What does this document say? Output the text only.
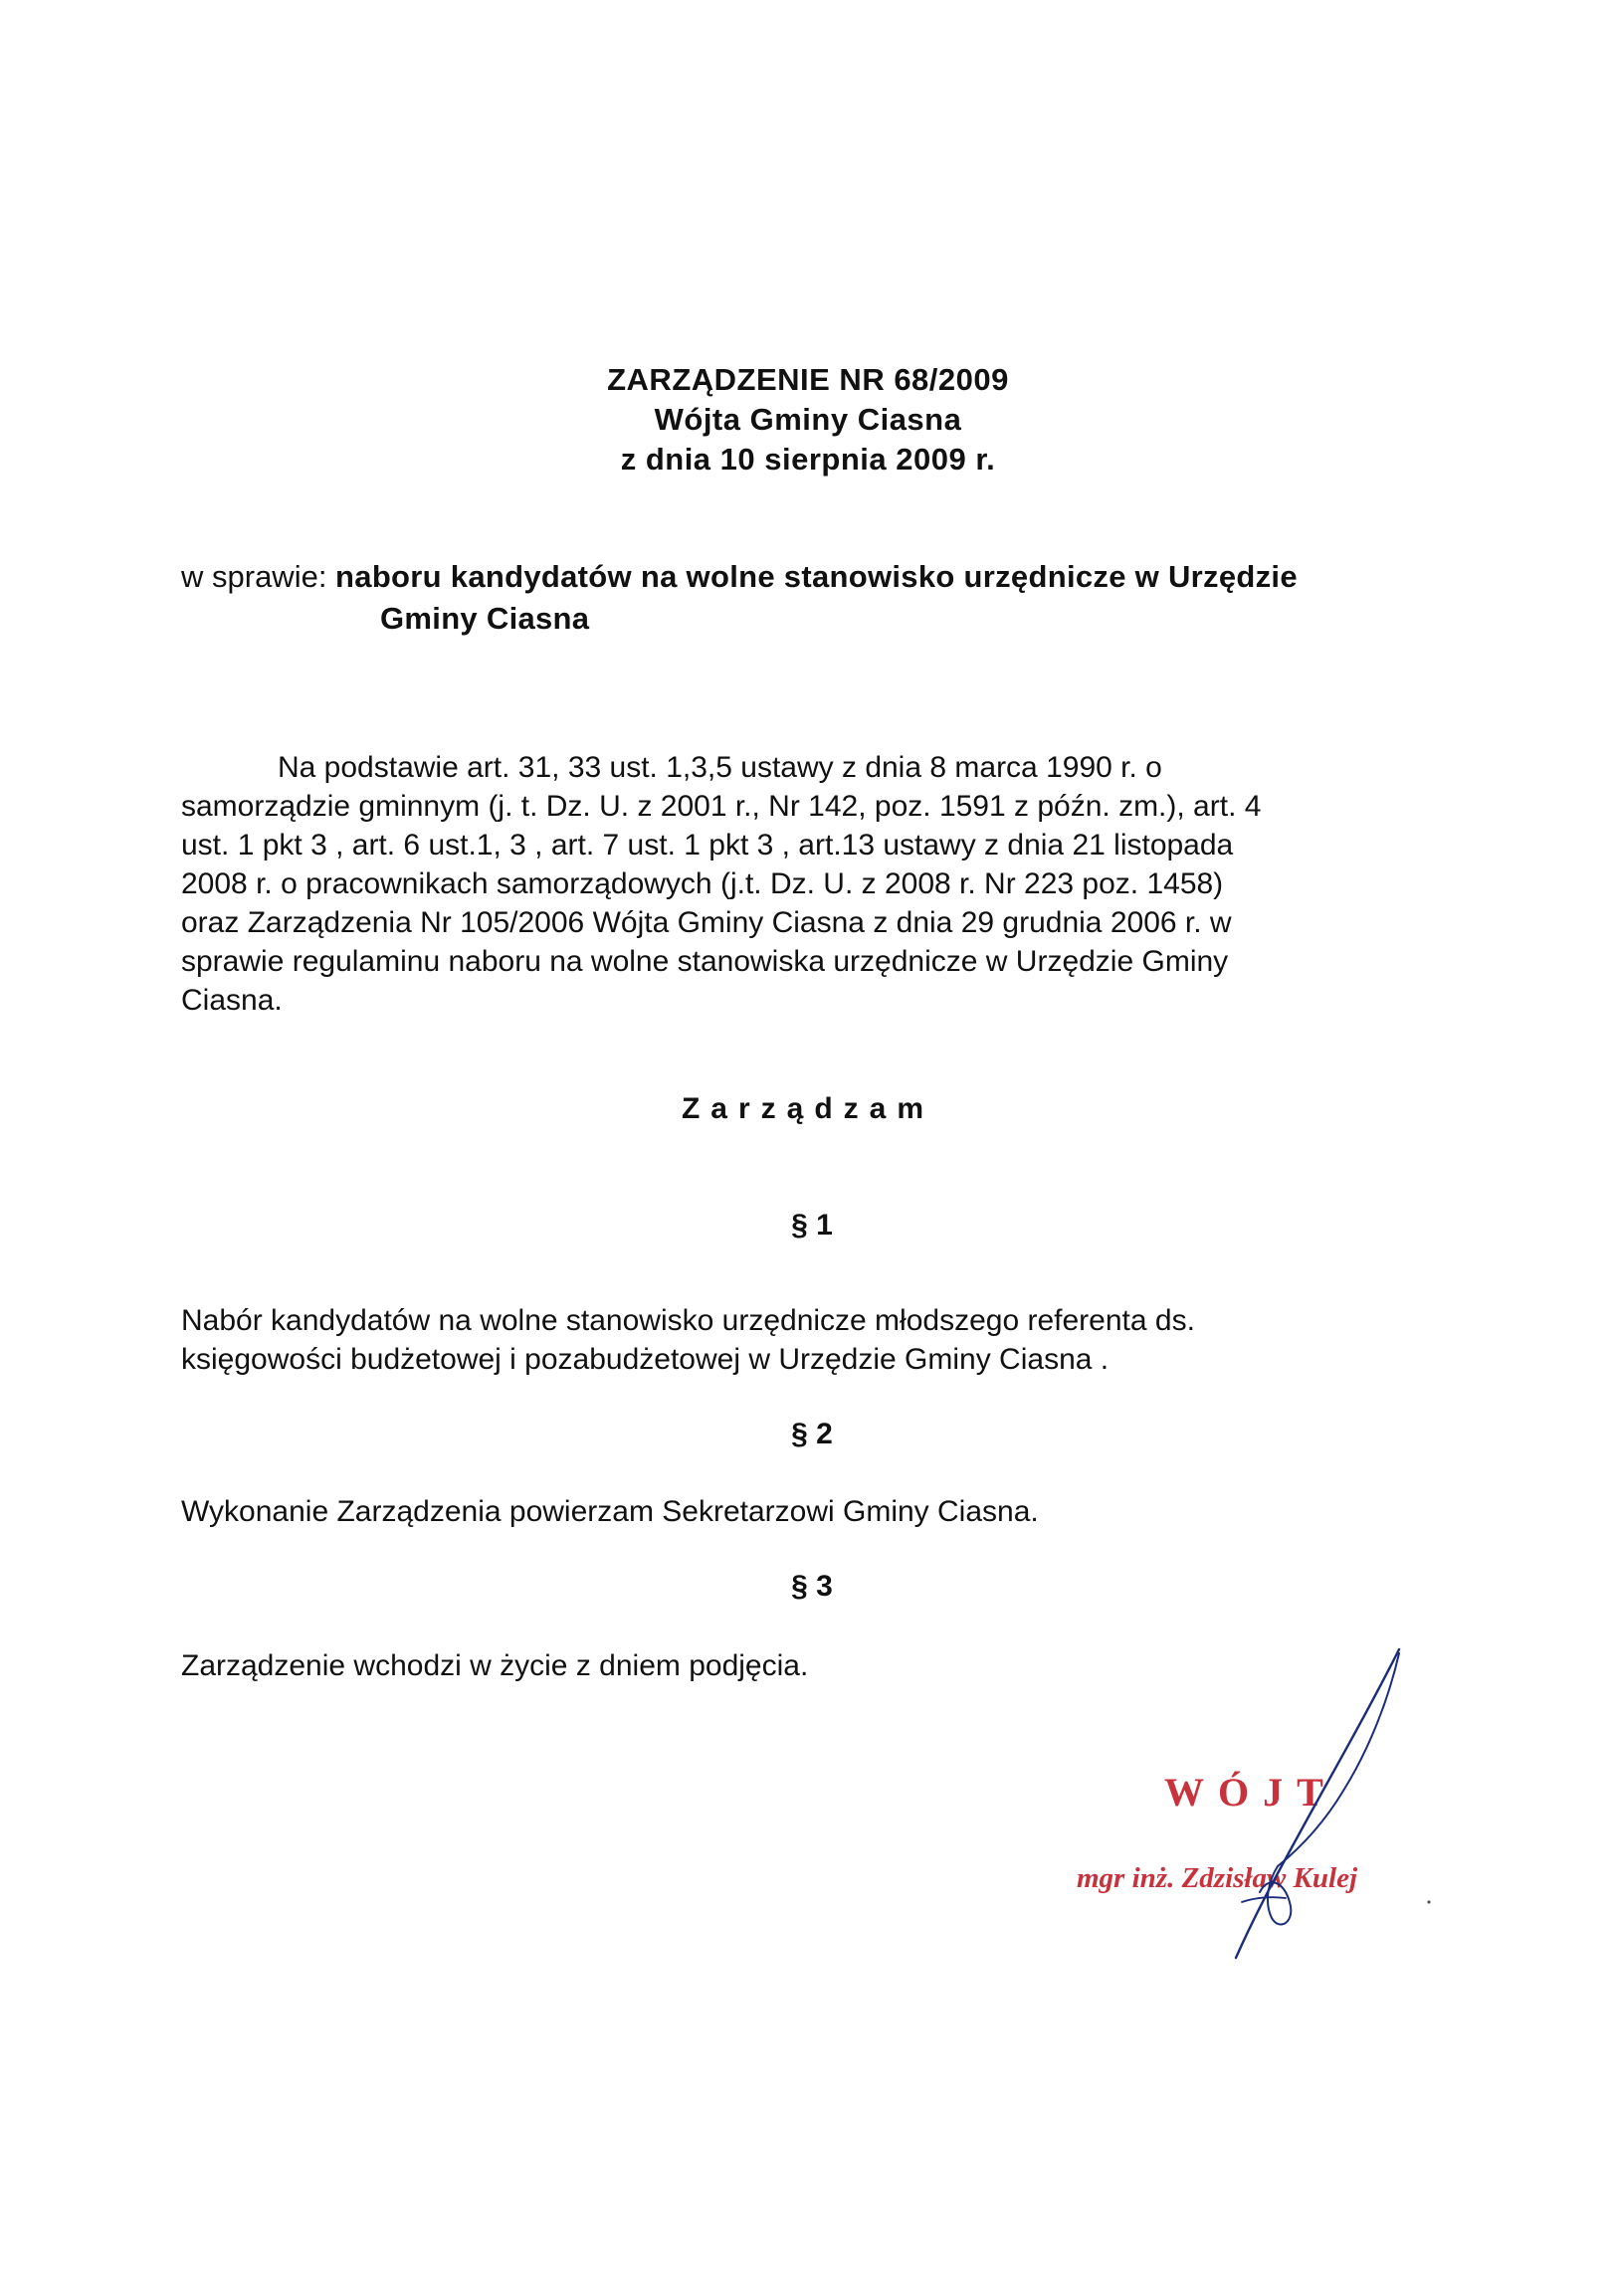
ZARZĄDZENIE NR 68/2009
Wójta Gminy Ciasna
z dnia 10 sierpnia 2009 r.
w sprawie: naboru kandydatów na wolne stanowisko urzędnicze w Urzędzie
Gminy Ciasna
Na podstawie art. 31, 33 ust. 1,3,5 ustawy z dnia 8 marca 1990 r. o
samorządzie gminnym (j. t. Dz. U. z 2001 r., Nr 142, poz. 1591 z późn. zm.), art. 4
ust. 1 pkt 3 , art. 6 ust.1, 3 , art. 7 ust. 1 pkt 3 , art.13 ustawy z dnia 21 listopada
2008 r. o pracownikach samorządowych (j.t. Dz. U. z 2008 r. Nr 223 poz. 1458)
oraz Zarządzenia Nr 105/2006 Wójta Gminy Ciasna z dnia 29 grudnia 2006 r. w
sprawie regulaminu naboru na wolne stanowiska urzędnicze w Urzędzie Gminy
Ciasna.
Zarządzam
§ 1
Nabór kandydatów na wolne stanowisko urzędnicze młodszego referenta ds.
księgowości budżetowej i pozabudżetowej w Urzędzie Gminy Ciasna .
§ 2
Wykonanie Zarządzenia powierzam Sekretarzowi Gminy Ciasna.
§ 3
Zarządzenie wchodzi w życie z dniem podjęcia.
WÓJT
mgr inż. Zdzisław Kulej
